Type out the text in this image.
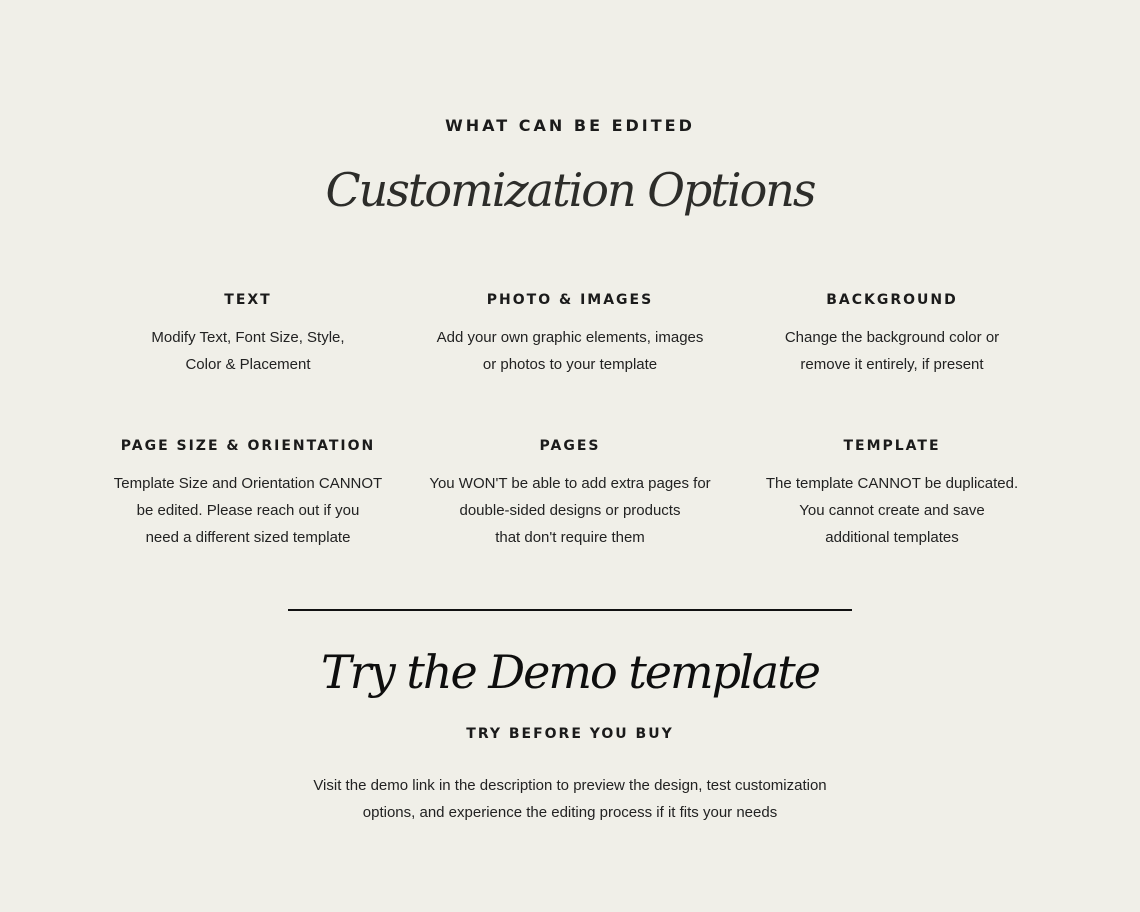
WHAT CAN BE EDITED
Customization Options
TEXT
Modify Text, Font Size, Style,
Color & Placement
PHOTO & IMAGES
Add your own graphic elements, images
or photos to your template
BACKGROUND
Change the background color or
remove it entirely, if present
PAGE SIZE & ORIENTATION
Template Size and Orientation CANNOT
be edited. Please reach out if you
need a different sized template
PAGES
You WON'T be able to add extra pages for
double-sided designs or products
that don't require them
TEMPLATE
The template CANNOT be duplicated.
You cannot create and save
additional templates
Try the Demo template
TRY BEFORE YOU BUY
Visit the demo link in the description to preview the design, test customization
options, and experience the editing process if it fits your needs
